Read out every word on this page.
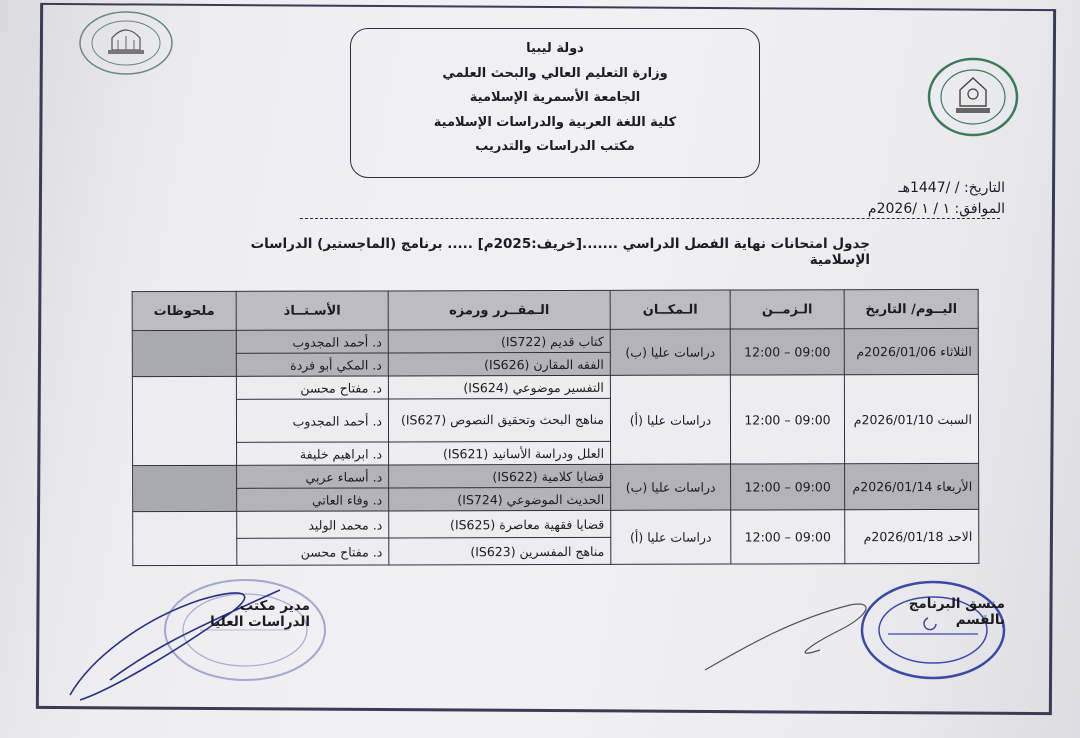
دولة ليبيا
وزارة التعليم العالي والبحث العلمي
الجامعة الأسمرية الإسلامية
كلية اللغة العربية والدراسات الإسلامية
مكتب الدراسات والتدريب
التاريخ: / /1447هـ
الموافق: ١ / ١ /2026م
جدول امتحانات نهاية الفصل الدراسي .......[خريف:2025م] ..... برنامج (الماجستير) الدراسات الإسلامية
اليــوم/ التاريخ	الـزمــن	الـمكــان	الـمقــرر ورمزه	الأسـتــاذ	ملحوظات
الثلاثاء 2026/01/06م	09:00 – 12:00	دراسات عليا (ب)	كتاب قديم (IS722)	د. أحمد المجدوب	
			الفقه المقارن (IS626)	د. المكي أبو فردة	
السبت 2026/01/10م	09:00 – 12:00	دراسات عليا (أ)	التفسير موضوعي (IS624)	د. مفتاح محسن	
			مناهج البحث وتحقيق النصوص (IS627)	د. أحمد المجدوب	
			العلل ودراسة الأسانيد (IS621)	د. ابراهيم خليفة	
الأربعاء 2026/01/14م	09:00 – 12:00	دراسات عليا (ب)	قضايا كلامية (IS622)	د. أسماء عربي	
			الحديث الموضوعي (IS724)	د. وفاء العاتي	
الاحد 2026/01/18م	09:00 – 12:00	دراسات عليا (أ)	قضايا فقهية معاصرة (IS625)	د. محمد الوليد	
			مناهج المفسرين (IS623)	د. مفتاح محسن	
مدير مكتب الدراسات العليا
منسق البرنامج بالقسم
